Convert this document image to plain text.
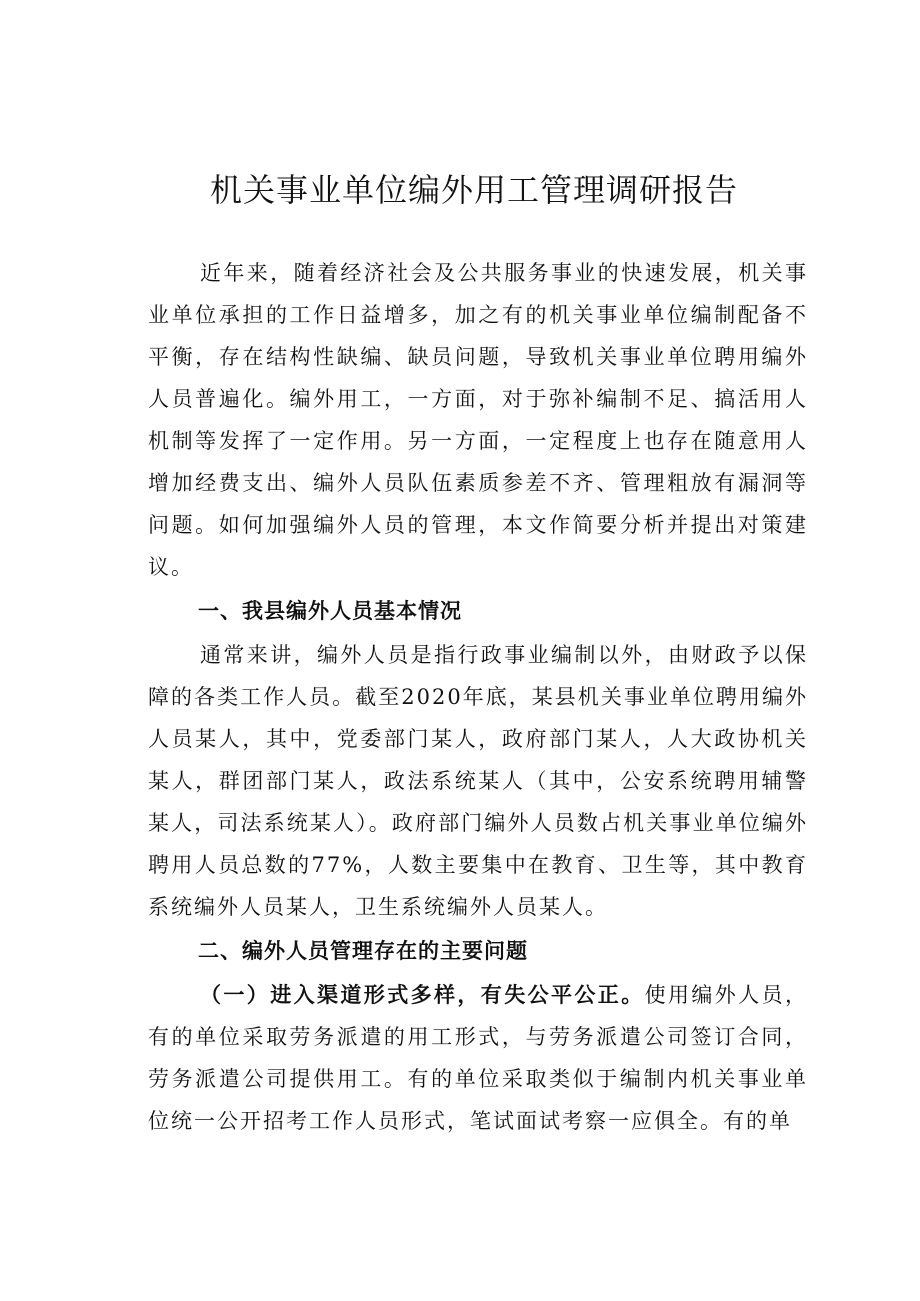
机关事业单位编外用工管理调研报告

近年来，随着经济社会及公共服务事业的快速发展，机关事业单位承担的工作日益增多，加之有的机关事业单位编制配备不平衡，存在结构性缺编、缺员问题，导致机关事业单位聘用编外人员普遍化。编外用工，一方面，对于弥补编制不足、搞活用人机制等发挥了一定作用。另一方面，一定程度上也存在随意用人增加经费支出、编外人员队伍素质参差不齐、管理粗放有漏洞等问题。如何加强编外人员的管理，本文作简要分析并提出对策建议。

一、我县编外人员基本情况

通常来讲，编外人员是指行政事业编制以外，由财政予以保障的各类工作人员。截至2020年底，某县机关事业单位聘用编外人员某人，其中，党委部门某人，政府部门某人，人大政协机关某人，群团部门某人，政法系统某人（其中，公安系统聘用辅警某人，司法系统某人）。政府部门编外人员数占机关事业单位编外聘用人员总数的77%，人数主要集中在教育、卫生等，其中教育系统编外人员某人，卫生系统编外人员某人。

二、编外人员管理存在的主要问题

（一）进入渠道形式多样，有失公平公正。使用编外人员，有的单位采取劳务派遣的用工形式，与劳务派遣公司签订合同，劳务派遣公司提供用工。有的单位采取类似于编制内机关事业单位统一公开招考工作人员形式，笔试面试考察一应俱全。有的单
